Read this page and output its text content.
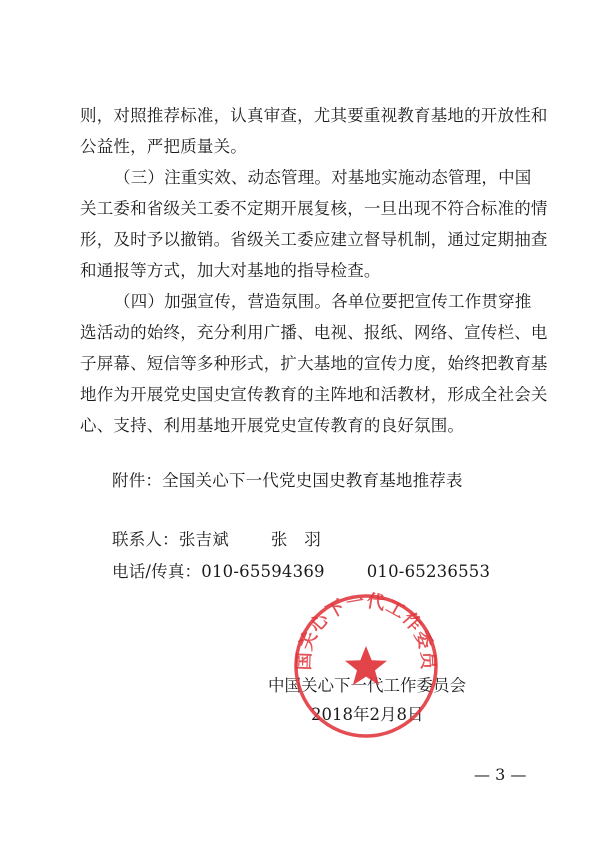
则，对照推荐标准，认真审查，尤其要重视教育基地的开放性和
公益性，严把质量关。
（三）注重实效、动态管理。对基地实施动态管理，中国
关工委和省级关工委不定期开展复核，一旦出现不符合标准的情
形，及时予以撤销。省级关工委应建立督导机制，通过定期抽查
和通报等方式，加大对基地的指导检查。
（四）加强宣传，营造氛围。各单位要把宣传工作贯穿推
选活动的始终，充分利用广播、电视、报纸、网络、宣传栏、电
子屏幕、短信等多种形式，扩大基地的宣传力度，始终把教育基
地作为开展党史国史宣传教育的主阵地和活教材，形成全社会关
心、支持、利用基地开展党史宣传教育的良好氛围。
附件：全国关心下一代党史国史教育基地推荐表
联系人：张吉斌	张　羽
电话/传真：010-65594369	010-65236553
中国关心下一代工作委员会
2018年2月8日
国关心下一代工作委员
— 3 —
